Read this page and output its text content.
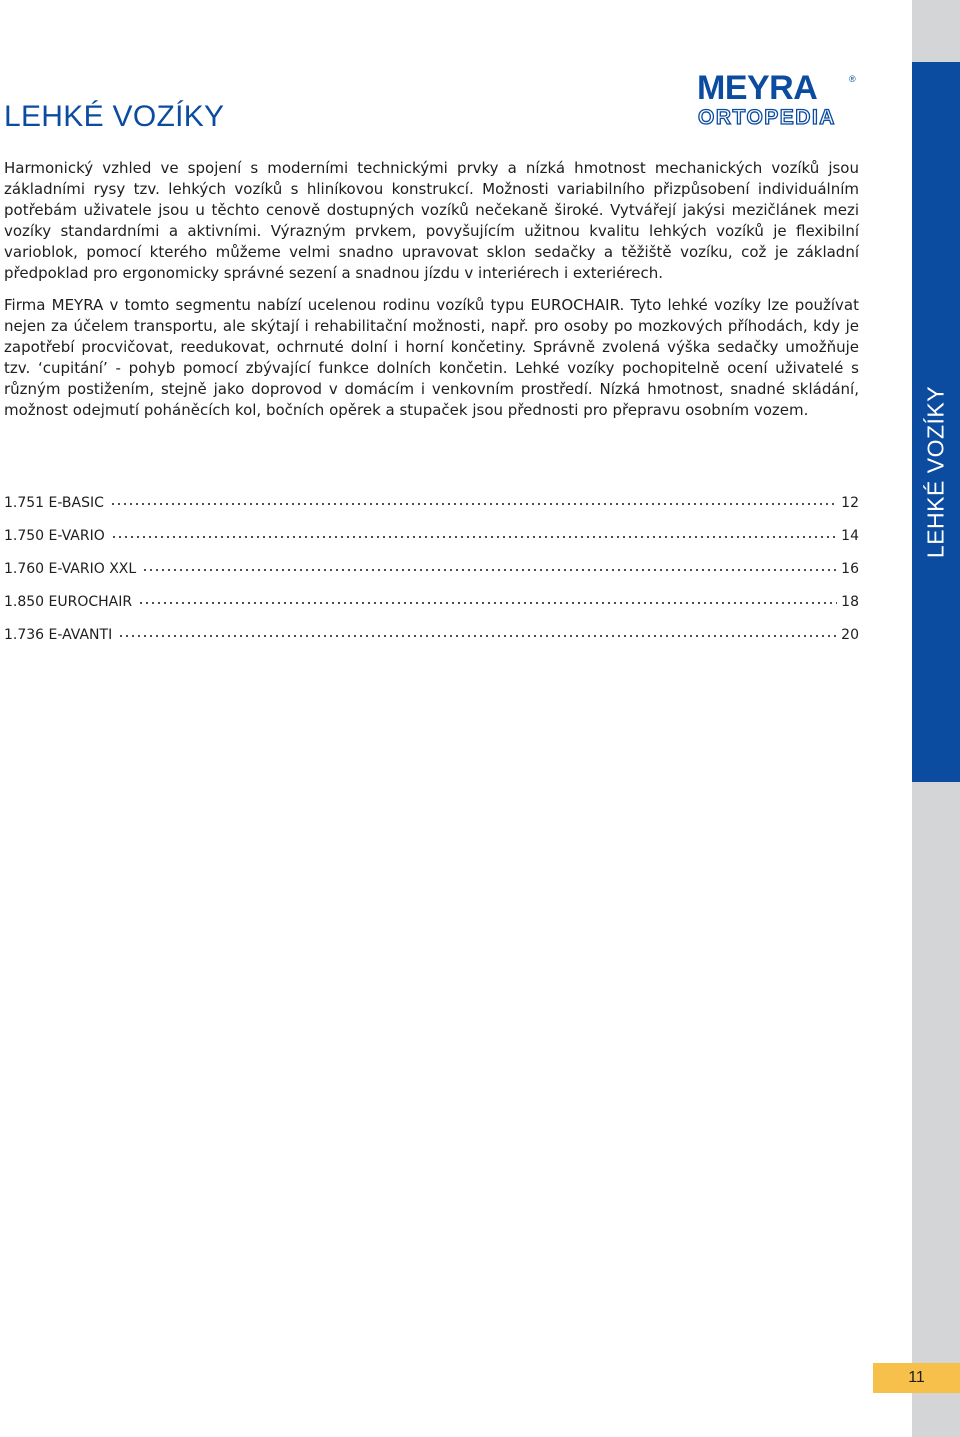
LEHKÉ VOZÍKY
LEHKÉ VOZÍKY
MEYRA	®
ORTOPEDIA

Harmonický vzhled ve spojení s moderními technickými prvky a nízká hmotnost mechanických vozíků jsou základními rysy tzv. lehkých vozíků s hliníkovou konstrukcí. Možnosti variabilního přizpůsobení individuálním potřebám uživatele jsou u těchto cenově dostupných vozíků nečekaně široké. Vytvářejí jakýsi mezičlánek mezi vozíky standardními a aktivními. Výrazným prvkem, povyšujícím užitnou kvalitu lehkých vozíků je flexibilní varioblok, pomocí kterého můžeme velmi snadno upravovat sklon sedačky a těžiště vozíku, což je základní předpoklad pro ergonomicky správné sezení a snadnou jízdu v interiérech i exteriérech.

Firma MEYRA v tomto segmentu nabízí ucelenou rodinu vozíků typu EUROCHAIR. Tyto lehké vozíky lze používat nejen za účelem transportu, ale skýtají i rehabilitační možnosti, např. pro osoby po mozkových příhodách, kdy je zapotřebí procvičovat, reedukovat, ochrnuté dolní i horní končetiny. Správně zvolená výška sedačky umožňuje tzv. ‘cupitání’ - pohyb pomocí zbývající funkce dolních končetin. Lehké vozíky pochopitelně ocení uživatelé s různým postižením, stejně jako doprovod v domácím i venkovním prostředí. Nízká hmotnost, snadné skládání, možnost odejmutí poháněcích kol, bočních opěrek a stupaček jsou přednosti pro přepravu osobním vozem.

1.751 E-BASIC	12
1.750 E-VARIO	14
1.760 E-VARIO XXL	16
1.850 EUROCHAIR	18
1.736 E-AVANTI	20
11
